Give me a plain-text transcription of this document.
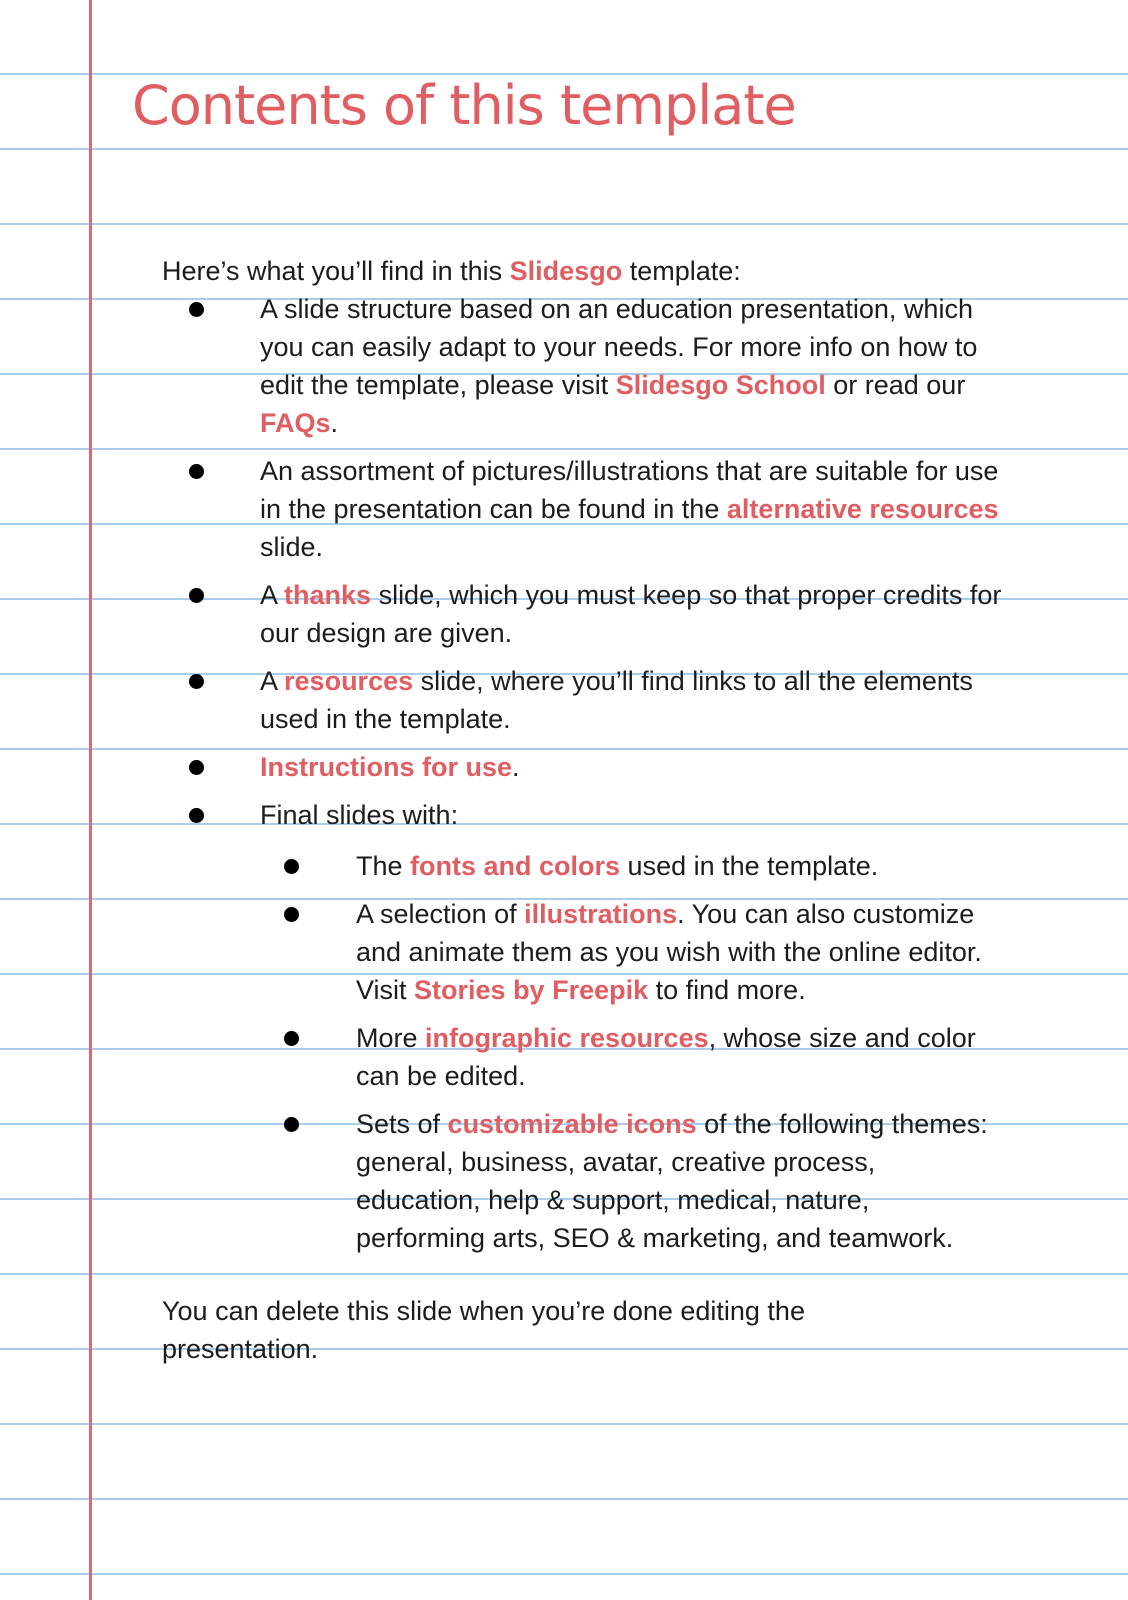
Contents of this template

Here’s what you’ll find in this Slidesgo template:

A slide structure based on an education presentation, which you can easily adapt to your needs. For more info on how to edit the template, please visit Slidesgo School or read our FAQs.
An assortment of pictures/illustrations that are suitable for use in the presentation can be found in the alternative resources slide.
A thanks slide, which you must keep so that proper credits for our design are given.
A resources slide, where you’ll find links to all the elements used in the template.
Instructions for use.
Final slides with:
The fonts and colors used in the template.
A selection of illustrations. You can also customize and animate them as you wish with the online editor. Visit Stories by Freepik to find more.
More infographic resources, whose size and color can be edited.
Sets of customizable icons of the following themes: general, business, avatar, creative process, education, help & support, medical, nature, performing arts, SEO & marketing, and teamwork.

You can delete this slide when you’re done editing the presentation.
